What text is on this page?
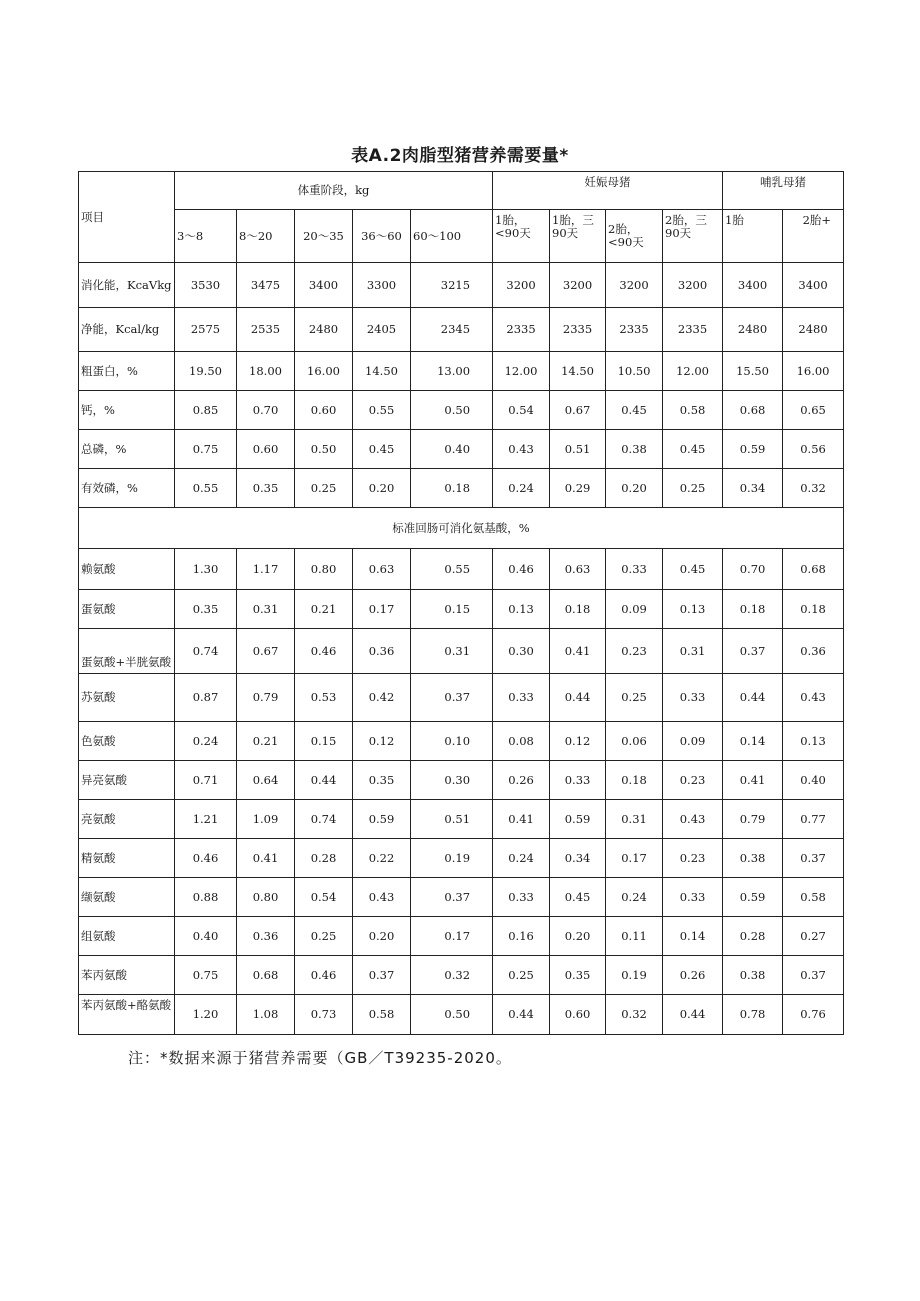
表A.2肉脂型猪营养需要量*
项目	体重阶段，kg					妊娠母猪				哺乳母猪	
	3～8	8～20	20～35	36～60	60～100	1胎，<90天	1胎，三90天	2胎，<90天	2胎，三90天	1胎	2胎+
消化能，KcaVkg	3530	3475	3400	3300	3215	3200	3200	3200	3200	3400	3400
净能，Kcal/kg	2575	2535	2480	2405	2345	2335	2335	2335	2335	2480	2480
粗蛋白，%	19.50	18.00	16.00	14.50	13.00	12.00	14.50	10.50	12.00	15.50	16.00
钙，%	0.85	0.70	0.60	0.55	0.50	0.54	0.67	0.45	0.58	0.68	0.65
总磷，%	0.75	0.60	0.50	0.45	0.40	0.43	0.51	0.38	0.45	0.59	0.56
有效磷，%	0.55	0.35	0.25	0.20	0.18	0.24	0.29	0.20	0.25	0.34	0.32
标准回肠可消化氨基酸，%											
赖氨酸	1.30	1.17	0.80	0.63	0.55	0.46	0.63	0.33	0.45	0.70	0.68
蛋氨酸	0.35	0.31	0.21	0.17	0.15	0.13	0.18	0.09	0.13	0.18	0.18
蛋氨酸+半胱氨酸	0.74	0.67	0.46	0.36	0.31	0.30	0.41	0.23	0.31	0.37	0.36
苏氨酸	0.87	0.79	0.53	0.42	0.37	0.33	0.44	0.25	0.33	0.44	0.43
色氨酸	0.24	0.21	0.15	0.12	0.10	0.08	0.12	0.06	0.09	0.14	0.13
异亮氨酸	0.71	0.64	0.44	0.35	0.30	0.26	0.33	0.18	0.23	0.41	0.40
亮氨酸	1.21	1.09	0.74	0.59	0.51	0.41	0.59	0.31	0.43	0.79	0.77
精氨酸	0.46	0.41	0.28	0.22	0.19	0.24	0.34	0.17	0.23	0.38	0.37
缬氨酸	0.88	0.80	0.54	0.43	0.37	0.33	0.45	0.24	0.33	0.59	0.58
组氨酸	0.40	0.36	0.25	0.20	0.17	0.16	0.20	0.11	0.14	0.28	0.27
苯丙氨酸	0.75	0.68	0.46	0.37	0.32	0.25	0.35	0.19	0.26	0.38	0.37
苯丙氨酸+酪氨酸	1.20	1.08	0.73	0.58	0.50	0.44	0.60	0.32	0.44	0.78	0.76
注：*数据来源于猪营养需要（GB／T39235-2020。
